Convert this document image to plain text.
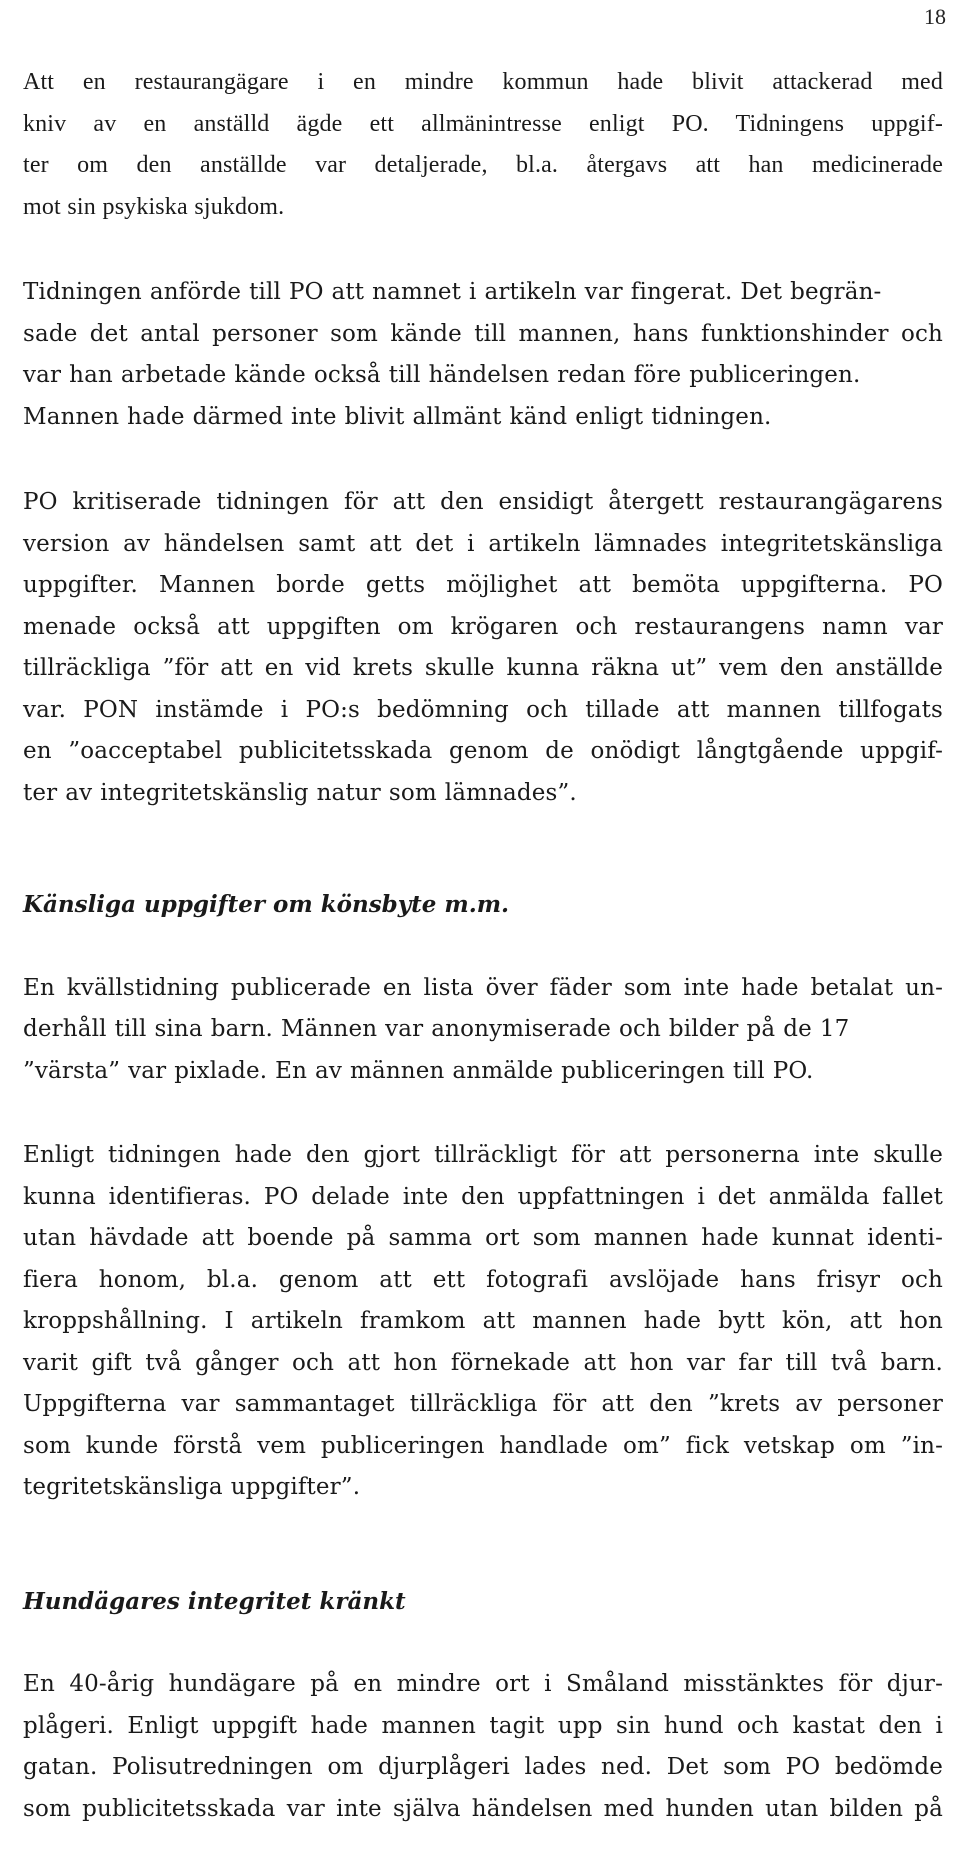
18

Att en restaurangägare i en mindre kommun hade blivit attackerad med
kniv av en anställd ägde ett allmänintresse enligt PO. Tidningens uppgif-
ter om den anställde var detaljerade, bl.a. återgavs att han medicinerade
mot sin psykiska sjukdom.

Tidningen anförde till PO att namnet i artikeln var fingerat. Det begrän-
sade det antal personer som kände till mannen, hans funktionshinder och
var han arbetade kände också till händelsen redan före publiceringen.
Mannen hade därmed inte blivit allmänt känd enligt tidningen.

PO kritiserade tidningen för att den ensidigt återgett restaurangägarens
version av händelsen samt att det i artikeln lämnades integritetskänsliga
uppgifter. Mannen borde getts möjlighet att bemöta uppgifterna. PO
menade också att uppgiften om krögaren och restaurangens namn var
tillräckliga ”för att en vid krets skulle kunna räkna ut” vem den anställde
var. PON instämde i PO:s bedömning och tillade att mannen tillfogats
en ”oacceptabel publicitetsskada genom de onödigt långtgående uppgif-
ter av integritetskänslig natur som lämnades”.

Känsliga uppgifter om könsbyte m.m.

En kvällstidning publicerade en lista över fäder som inte hade betalat un-
derhåll till sina barn. Männen var anonymiserade och bilder på de 17
”värsta” var pixlade. En av männen anmälde publiceringen till PO.

Enligt tidningen hade den gjort tillräckligt för att personerna inte skulle
kunna identifieras. PO delade inte den uppfattningen i det anmälda fallet
utan hävdade att boende på samma ort som mannen hade kunnat identi-
fiera honom, bl.a. genom att ett fotografi avslöjade hans frisyr och
kroppshållning. I artikeln framkom att mannen hade bytt kön, att hon
varit gift två gånger och att hon förnekade att hon var far till två barn.
Uppgifterna var sammantaget tillräckliga för att den ”krets av personer
som kunde förstå vem publiceringen handlade om” fick vetskap om ”in-
tegritetskänsliga uppgifter”.

Hundägares integritet kränkt

En 40-årig hundägare på en mindre ort i Småland misstänktes för djur-
plågeri. Enligt uppgift hade mannen tagit upp sin hund och kastat den i
gatan. Polisutredningen om djurplågeri lades ned. Det som PO bedömde
som publicitetsskada var inte själva händelsen med hunden utan bilden på
